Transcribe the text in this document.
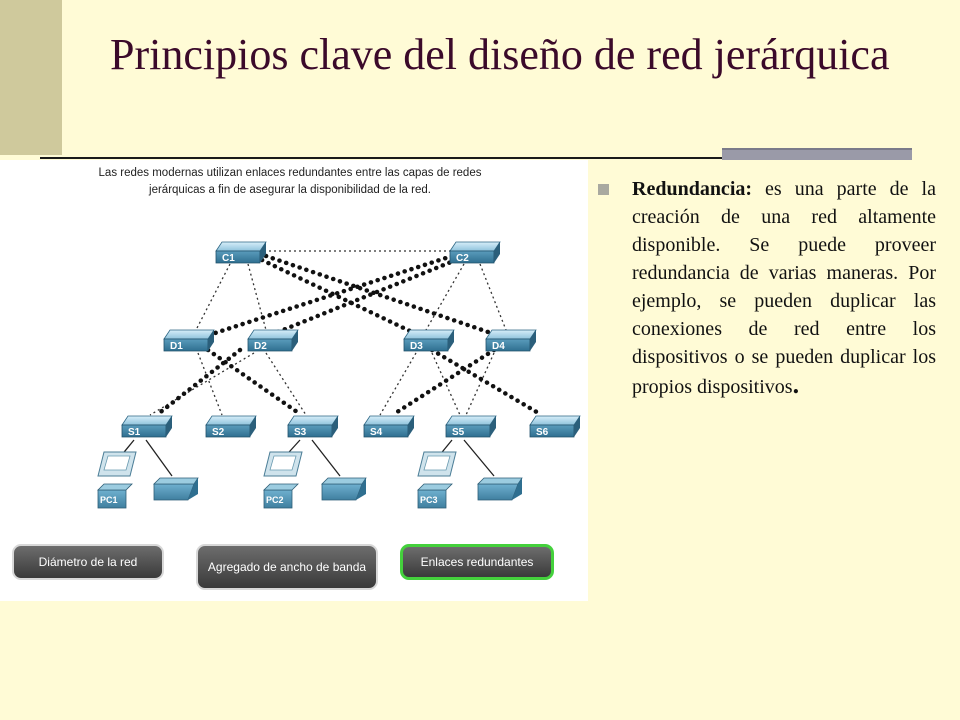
Principios clave del diseño de red jerárquica
Las redes modernas utilizan enlaces redundantes entre las capas de redes
jerárquicas a fin de asegurar la disponibilidad de la red.
C1	C2
D1	D2	D3	D4
S1	S2	S3	S4	S5	S6
PC1	PC2	PC3
Diámetro de la red	Agregado de ancho de banda	Enlaces redundantes
Redundancia: es una parte de la creación de una red altamente disponible. Se puede proveer redundancia de varias maneras. Por ejemplo, se pueden duplicar las conexiones de red entre los dispositivos o se pueden duplicar los propios dispositivos.
